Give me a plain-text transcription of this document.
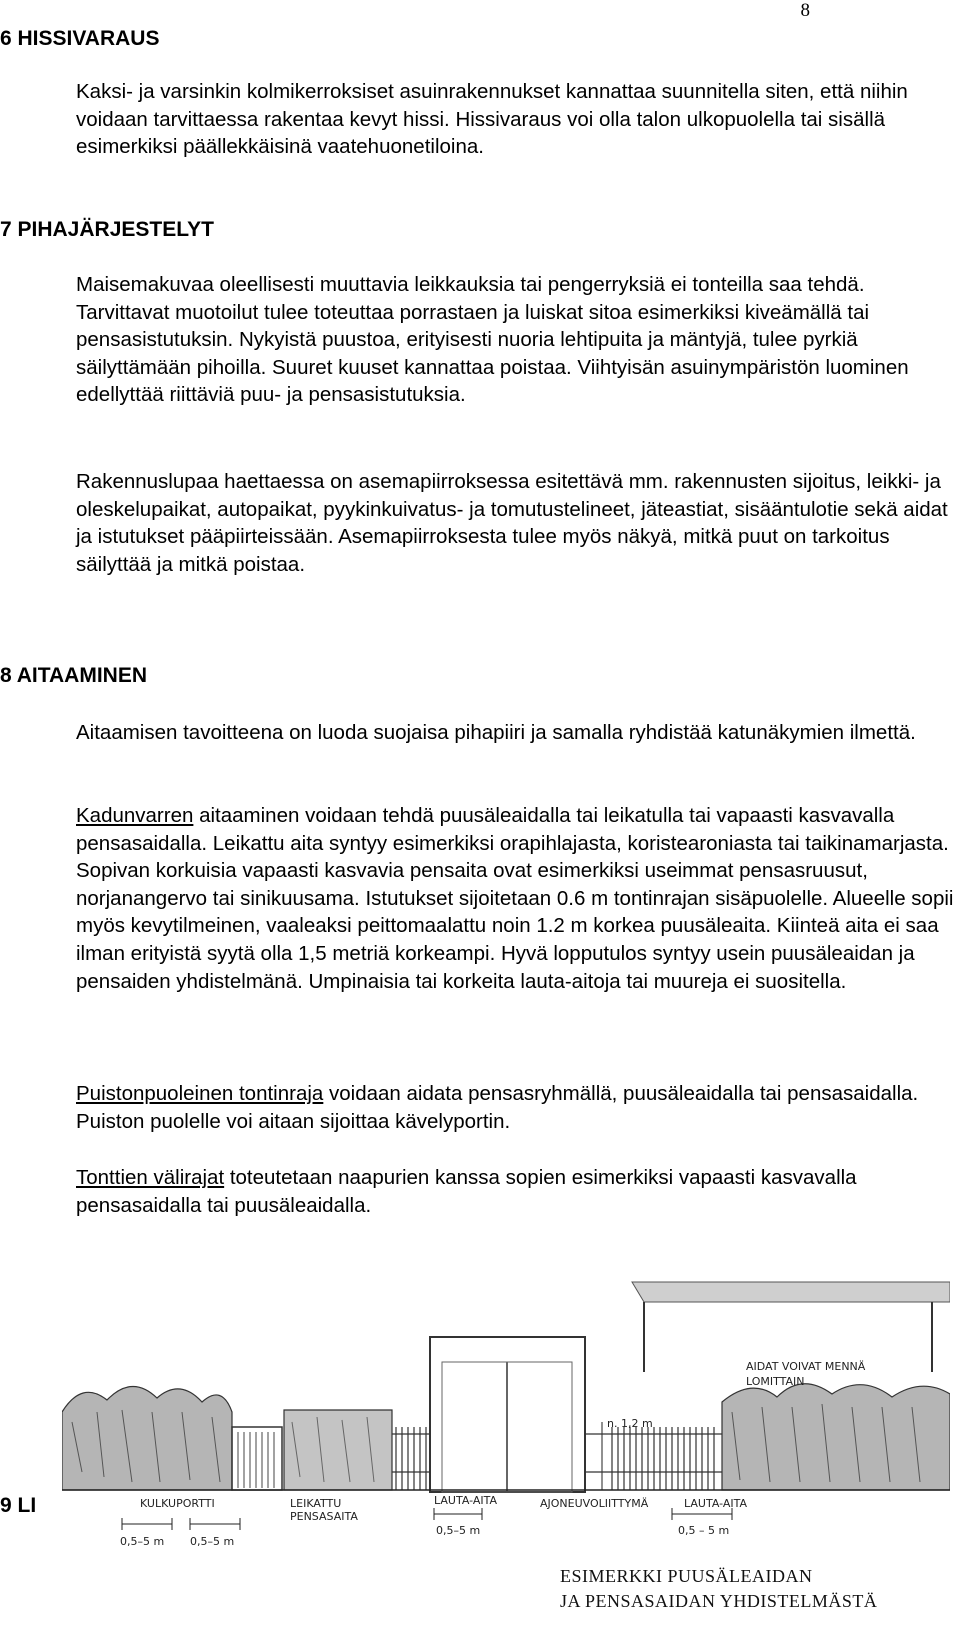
8
6 HISSIVARAUS

Kaksi- ja varsinkin kolmikerroksiset asuinrakennukset kannattaa suunnitella siten, että niihin voidaan tarvittaessa rakentaa kevyt hissi. Hissivaraus voi olla talon ulkopuolella tai sisällä esimerkiksi päällekkäisinä vaatehuonetiloina.

7 PIHAJÄRJESTELYT

Maisemakuvaa oleellisesti muuttavia leikkauksia tai pengerryksiä ei tonteilla saa tehdä. Tarvittavat muotoilut tulee toteuttaa porrastaen ja luiskat sitoa esimerkiksi kiveämällä tai pensasistutuksin. Nykyistä puustoa, erityisesti nuoria lehtipuita ja mäntyjä, tulee pyrkiä säilyttämään pihoilla. Suuret kuuset kannattaa poistaa. Viihtyisän asuinympäristön luominen edellyttää riittäviä puu- ja pensasistutuksia.

Rakennuslupaa haettaessa on asemapiirroksessa esitettävä mm. rakennusten sijoitus, leikki- ja oleskelupaikat, autopaikat, pyykinkuivatus- ja tomutustelineet, jäteastiat, sisääntulotie sekä aidat ja istutukset pääpiirteissään. Asemapiirroksesta tulee myös näkyä, mitkä puut on tarkoitus säilyttää ja mitkä poistaa.

8 AITAAMINEN

Aitaamisen tavoitteena on luoda suojaisa pihapiiri ja samalla ryhdistää katunäkymien ilmettä.

Kadunvarren aitaaminen voidaan tehdä puusäleaidalla tai leikatulla tai vapaasti kasvavalla pensasaidalla. Leikattu aita syntyy esimerkiksi orapihlajasta, koristearoniasta tai taikinamarjasta. Sopivan korkuisia vapaasti kasvavia pensaita ovat esimerkiksi useimmat pensasruusut, norjanangervo tai sinikuusama. Istutukset sijoitetaan 0.6 m tontinrajan sisäpuolelle. Alueelle sopii myös kevytilmeinen, vaaleaksi peittomaalattu noin 1.2 m korkea puusäleaita. Kiinteä aita ei saa ilman erityistä syytä olla 1,5 metriä korkeampi. Hyvä lopputulos syntyy usein puusäleaidan ja pensaiden yhdistelmänä. Umpinaisia tai korkeita lauta-aitoja tai muureja ei suositella.

Puistonpuoleinen tontinraja voidaan aidata pensasryhmällä, puusäleaidalla tai pensasaidalla. Puiston puolelle voi aitaan sijoittaa kävelyportin.

Tonttien välirajat toteutetaan naapurien kanssa sopien esimerkiksi vapaasti kasvavalla pensasaidalla tai puusäleaidalla.

9 LI
n. 1,2 m
AIDAT VOIVAT MENNÄ
LOMITTAIN
KULKUPORTTI	LEIKATTU
PENSASAITA
LAUTA-AITA	AJONEUVOLIITTYMÄ	LAUTA-AITA
0,5–5 m 0,5–5 m
0,5–5 m	0,5 – 5 m
ESIMERKKI PUUSÄLEAIDAN
JA PENSASAIDAN YHDISTELMÄSTÄ
